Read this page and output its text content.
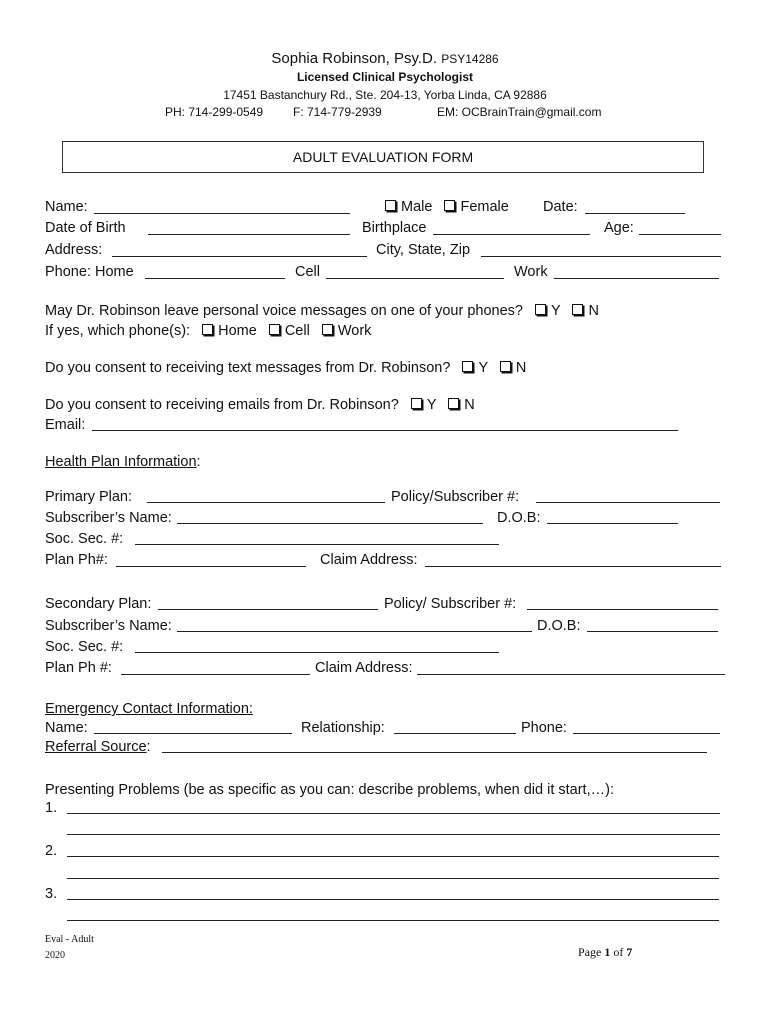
Sophia Robinson, Psy.D. PSY14286
Licensed Clinical Psychologist
17451 Bastanchury Rd., Ste. 204-13, Yorba Linda, CA 92886
PH: 714-299-0549 F: 714-779-2939	EM: OCBrainTrain@gmail.com
ADULT EVALUATION FORM
Name:	Male Female Date:
Date of Birth	Birthplace	Age:
Address:	City, State, Zip
Phone: Home	Cell	Work
May Dr. Robinson leave personal voice messages on one of your phones? Y N
If yes, which phone(s): Home Cell Work
Do you consent to receiving text messages from Dr. Robinson? Y N
Do you consent to receiving emails from Dr. Robinson? Y N
Email:
Health Plan Information:
Primary Plan:	Policy/Subscriber #:
Subscriber’s Name:	D.O.B:
Soc. Sec. #:
Plan Ph#:	Claim Address:
Secondary Plan:	Policy/ Subscriber #:
Subscriber’s Name:	D.O.B:
Soc. Sec. #:
Plan Ph #:	Claim Address:
Emergency Contact Information:
Name:	Relationship:	Phone:
Referral Source:
Presenting Problems (be as specific as you can: describe problems, when did it start,…):
1.
2.
3.
Eval - Adult
2020	Page 1 of 7
